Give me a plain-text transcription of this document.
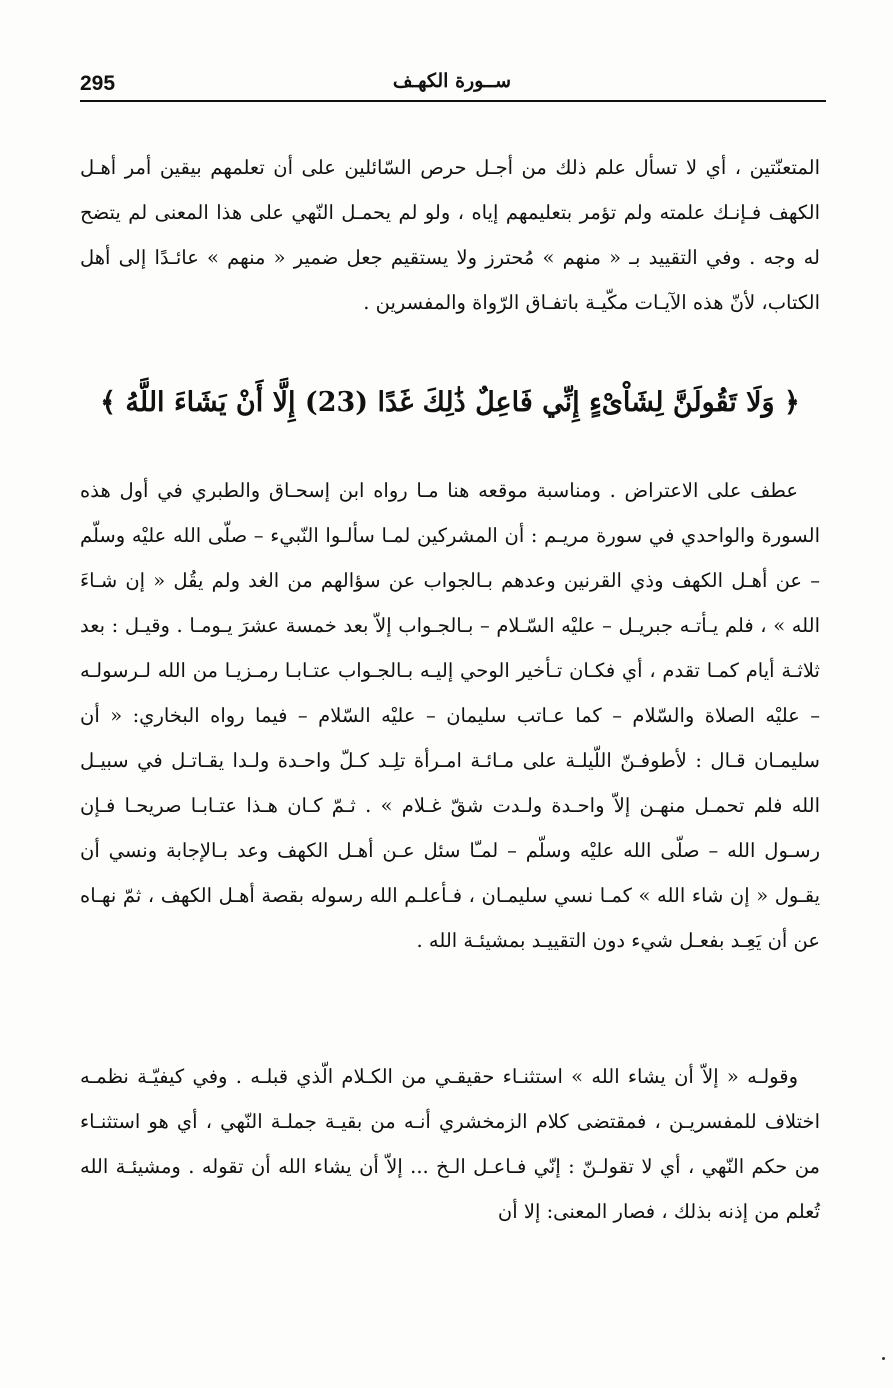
295	ســورة الكهـف

المتعنّتين ، أي لا تسأل علم ذلك من أجـل حرص السّائلين على أن تعلمهم بيقين أمر أهـل الكهف فـإنـك علمته ولم تؤمر بتعليمهم إياه ، ولو لم يحمـل النّهي على هذا المعنى لم يتضح له وجه . وفي التقييد بـ « منهم » مُحترز ولا يستقيم جعل ضمير « منهم » عائـدًا إلى أهل الكتاب، لأنّ هذه الآيـات مكّيـة باتفـاق الرّواة والمفسرين .

﴿ وَلَا تَقُولَنَّ لِشَاْىْءٍ إِنِّي فَاعِلٌ ذَٰلِكَ غَدًا (23) إِلَّا أَنْ يَشَاءَ اللَّهُ ﴾

عطف على الاعتراض . ومناسبة موقعه هنا مـا رواه ابن إسحـاق والطبري في أول هذه السورة والواحدي في سورة مريـم : أن المشركين لمـا سألـوا النّبيء – صلّى الله عليْه وسلّم – عن أهـل الكهف وذي القرنين وعدهم بـالجواب عن سؤالهم من الغد ولم يقُل « إن شـاءَ الله » ، فلم يـأتـه جبريـل – عليْه السّـلام – بـالجـواب إلاّ بعد خمسة عشرَ يـومـا . وقيـل : بعد ثلاثـة أيام كمـا تقدم ، أي فكـان تـأخير الوحي إليـه بـالجـواب عتـابـا رمـزيـا من الله لـرسولـه – عليْه الصلاة والسّلام – كما عـاتب سليمان – عليْه السّلام – فيما رواه البخاري: « أن سليمـان قـال : لأطوفـنّ اللّيلـة على مـائـة امـرأة تلِـد كـلّ واحـدة ولـدا يقـاتـل في سبيـل الله فلم تحمـل منهـن إلاّ واحـدة ولـدت شقّ غـلام » . ثـمّ كـان هـذا عتـابـا صريحـا فـإن رسـول الله – صلّى الله عليْه وسلّم – لمـّا سئل عـن أهـل الكهف وعد بـالإجابة ونسي أن يقـول « إن شاء الله » كمـا نسي سليمـان ، فـأعلـم الله رسوله بقصة أهـل الكهف ، ثمّ نهـاه عن أن يَعِـد بفعـل شيء دون التقييـد بمشيئـة الله .

وقولـه « إلاّ أن يشاء الله » استثنـاء حقيقـي من الكـلام الّذي قبلـه . وفي كيفيّـة نظمـه اختلاف للمفسريـن ، فمقتضى كلام الزمخشري أنـه من بقيـة جملـة النّهي ، أي هو استثنـاء من حكم النّهي ، أي لا تقولـنّ : إنّي فـاعـل الـخ ... إلاّ أن يشاء الله أن تقوله . ومشيئـة الله تُعلم من إذنه بذلك ، فصار المعنى: إلا أن
